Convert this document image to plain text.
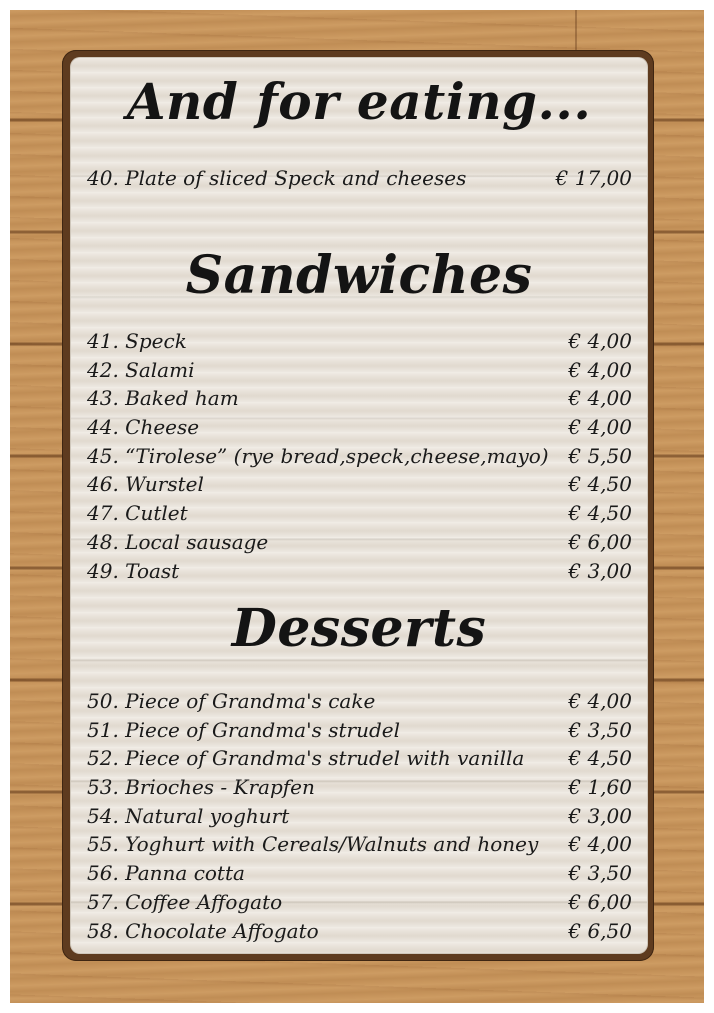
And for eating...
40. Plate of sliced Speck and cheeses	€ 17,00
Sandwiches
41. Speck	€ 4,00
42. Salami	€ 4,00
43. Baked ham	€ 4,00
44. Cheese	€ 4,00
45. “Tirolese” (rye bread,speck,cheese,mayo) € 5,50
46. Wurstel	€ 4,50
47. Cutlet	€ 4,50
48. Local sausage	€ 6,00
49. Toast	€ 3,00
Desserts
50. Piece of Grandma's cake	€ 4,00
51. Piece of Grandma's strudel	€ 3,50
52. Piece of Grandma's strudel with vanilla € 4,50
53. Brioches - Krapfen	€ 1,60
54. Natural yoghurt	€ 3,00
55. Yoghurt with Cereals/Walnuts and honey € 4,00
56. Panna cotta	€ 3,50
57. Coffee Affogato	€ 6,00
58. Chocolate Affogato	€ 6,50
